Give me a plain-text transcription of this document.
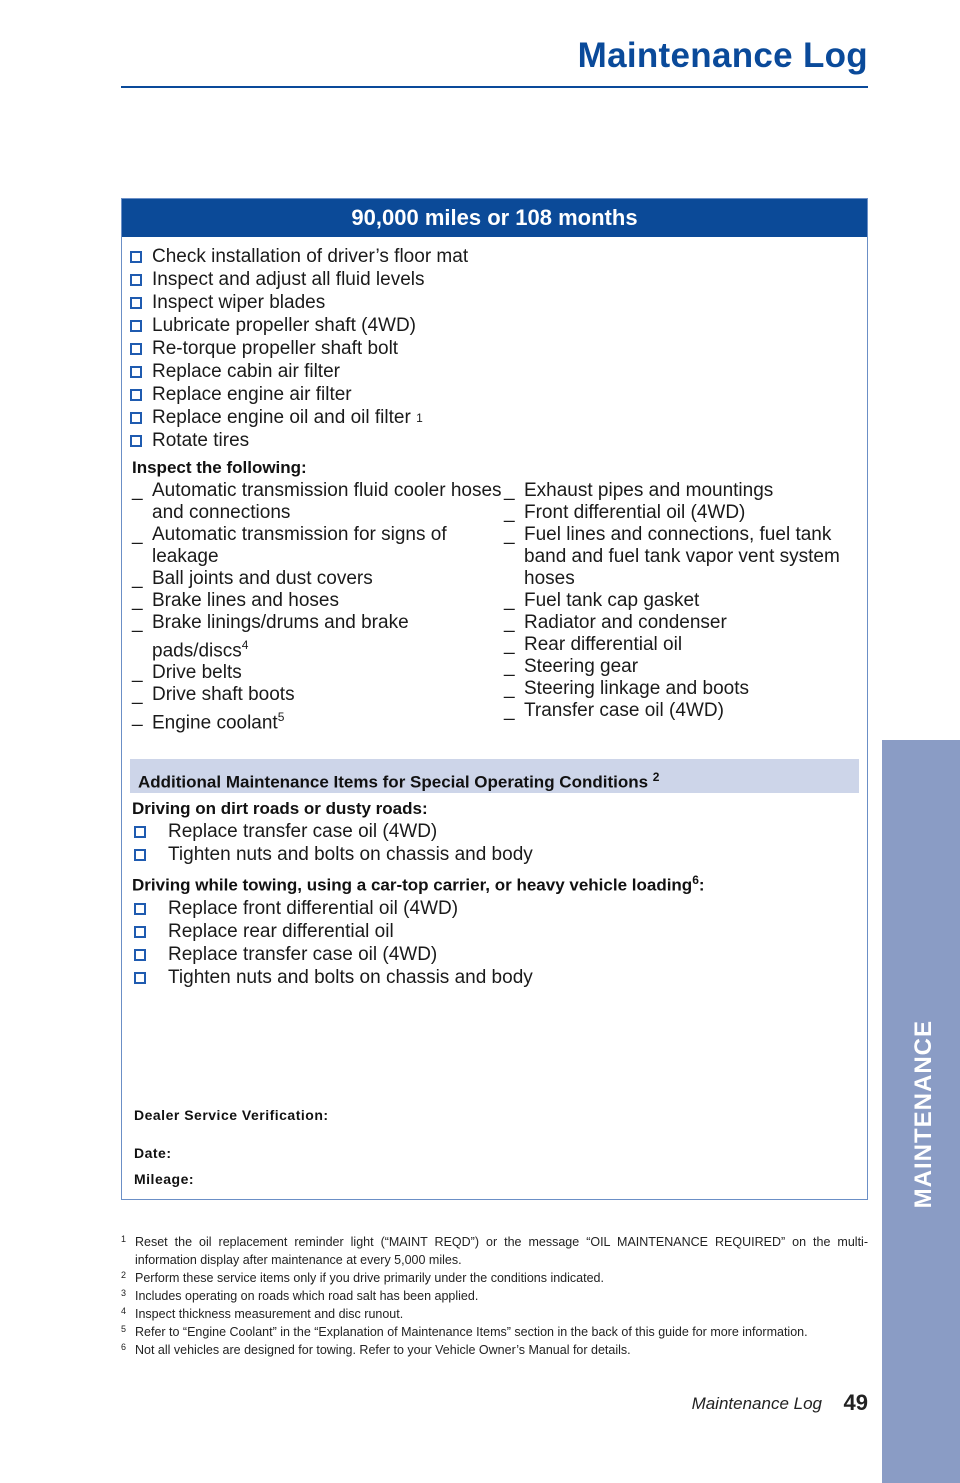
Maintenance Log
90,000 miles or 108 months
Check installation of driver’s floor mat
Inspect and adjust all fluid levels
Inspect wiper blades
Lubricate propeller shaft (4WD)
Re-torque propeller shaft bolt
Replace cabin air filter
Replace engine air filter
Replace engine oil and oil filter
1
Rotate tires
Inspect the following:
_ Automatic transmission fluid cooler hoses and connections
_ Automatic transmission for signs of leakage
_ Ball joints and dust covers
_ Brake lines and hoses
_ Brake linings/drums and brake pads/discs$^4$
_ Drive belts
_ Drive shaft boots
_ Engine coolant$^5$
_ Exhaust pipes and mountings
_ Front differential oil (4WD)
_ Fuel lines and connections, fuel tank band and fuel tank vapor vent system hoses
_ Fuel tank cap gasket
_ Radiator and condenser
_ Rear differential oil
_ Steering gear
_ Steering linkage and boots
_ Transfer case oil (4WD)
Additional Maintenance Items for Special Operating Conditions $^2$
Driving on dirt roads or dusty roads:
Replace transfer case oil (4WD)
Tighten nuts and bolts on chassis and body
Driving while towing, using a car-top carrier, or heavy vehicle loading$^6$:
Replace front differential oil (4WD)
Replace rear differential oil
Replace transfer case oil (4WD)
Tighten nuts and bolts on chassis and body
Dealer Service Verification:
Date:
Mileage:
1 Reset the oil replacement reminder light (“MAINT REQD”) or the message “OIL MAINTENANCE REQUIRED” on the multi-information display after maintenance at every 5,000 miles.
2 Perform these service items only if you drive primarily under the conditions indicated.
3 Includes operating on roads which road salt has been applied.
4 Inspect thickness measurement and disc runout.
5 Refer to “Engine Coolant” in the “Explanation of Maintenance Items” section in the back of this guide for more information.
6 Not all vehicles are designed for towing. Refer to your Vehicle Owner’s Manual for details.
MAINTENANCE
Maintenance Log 49
